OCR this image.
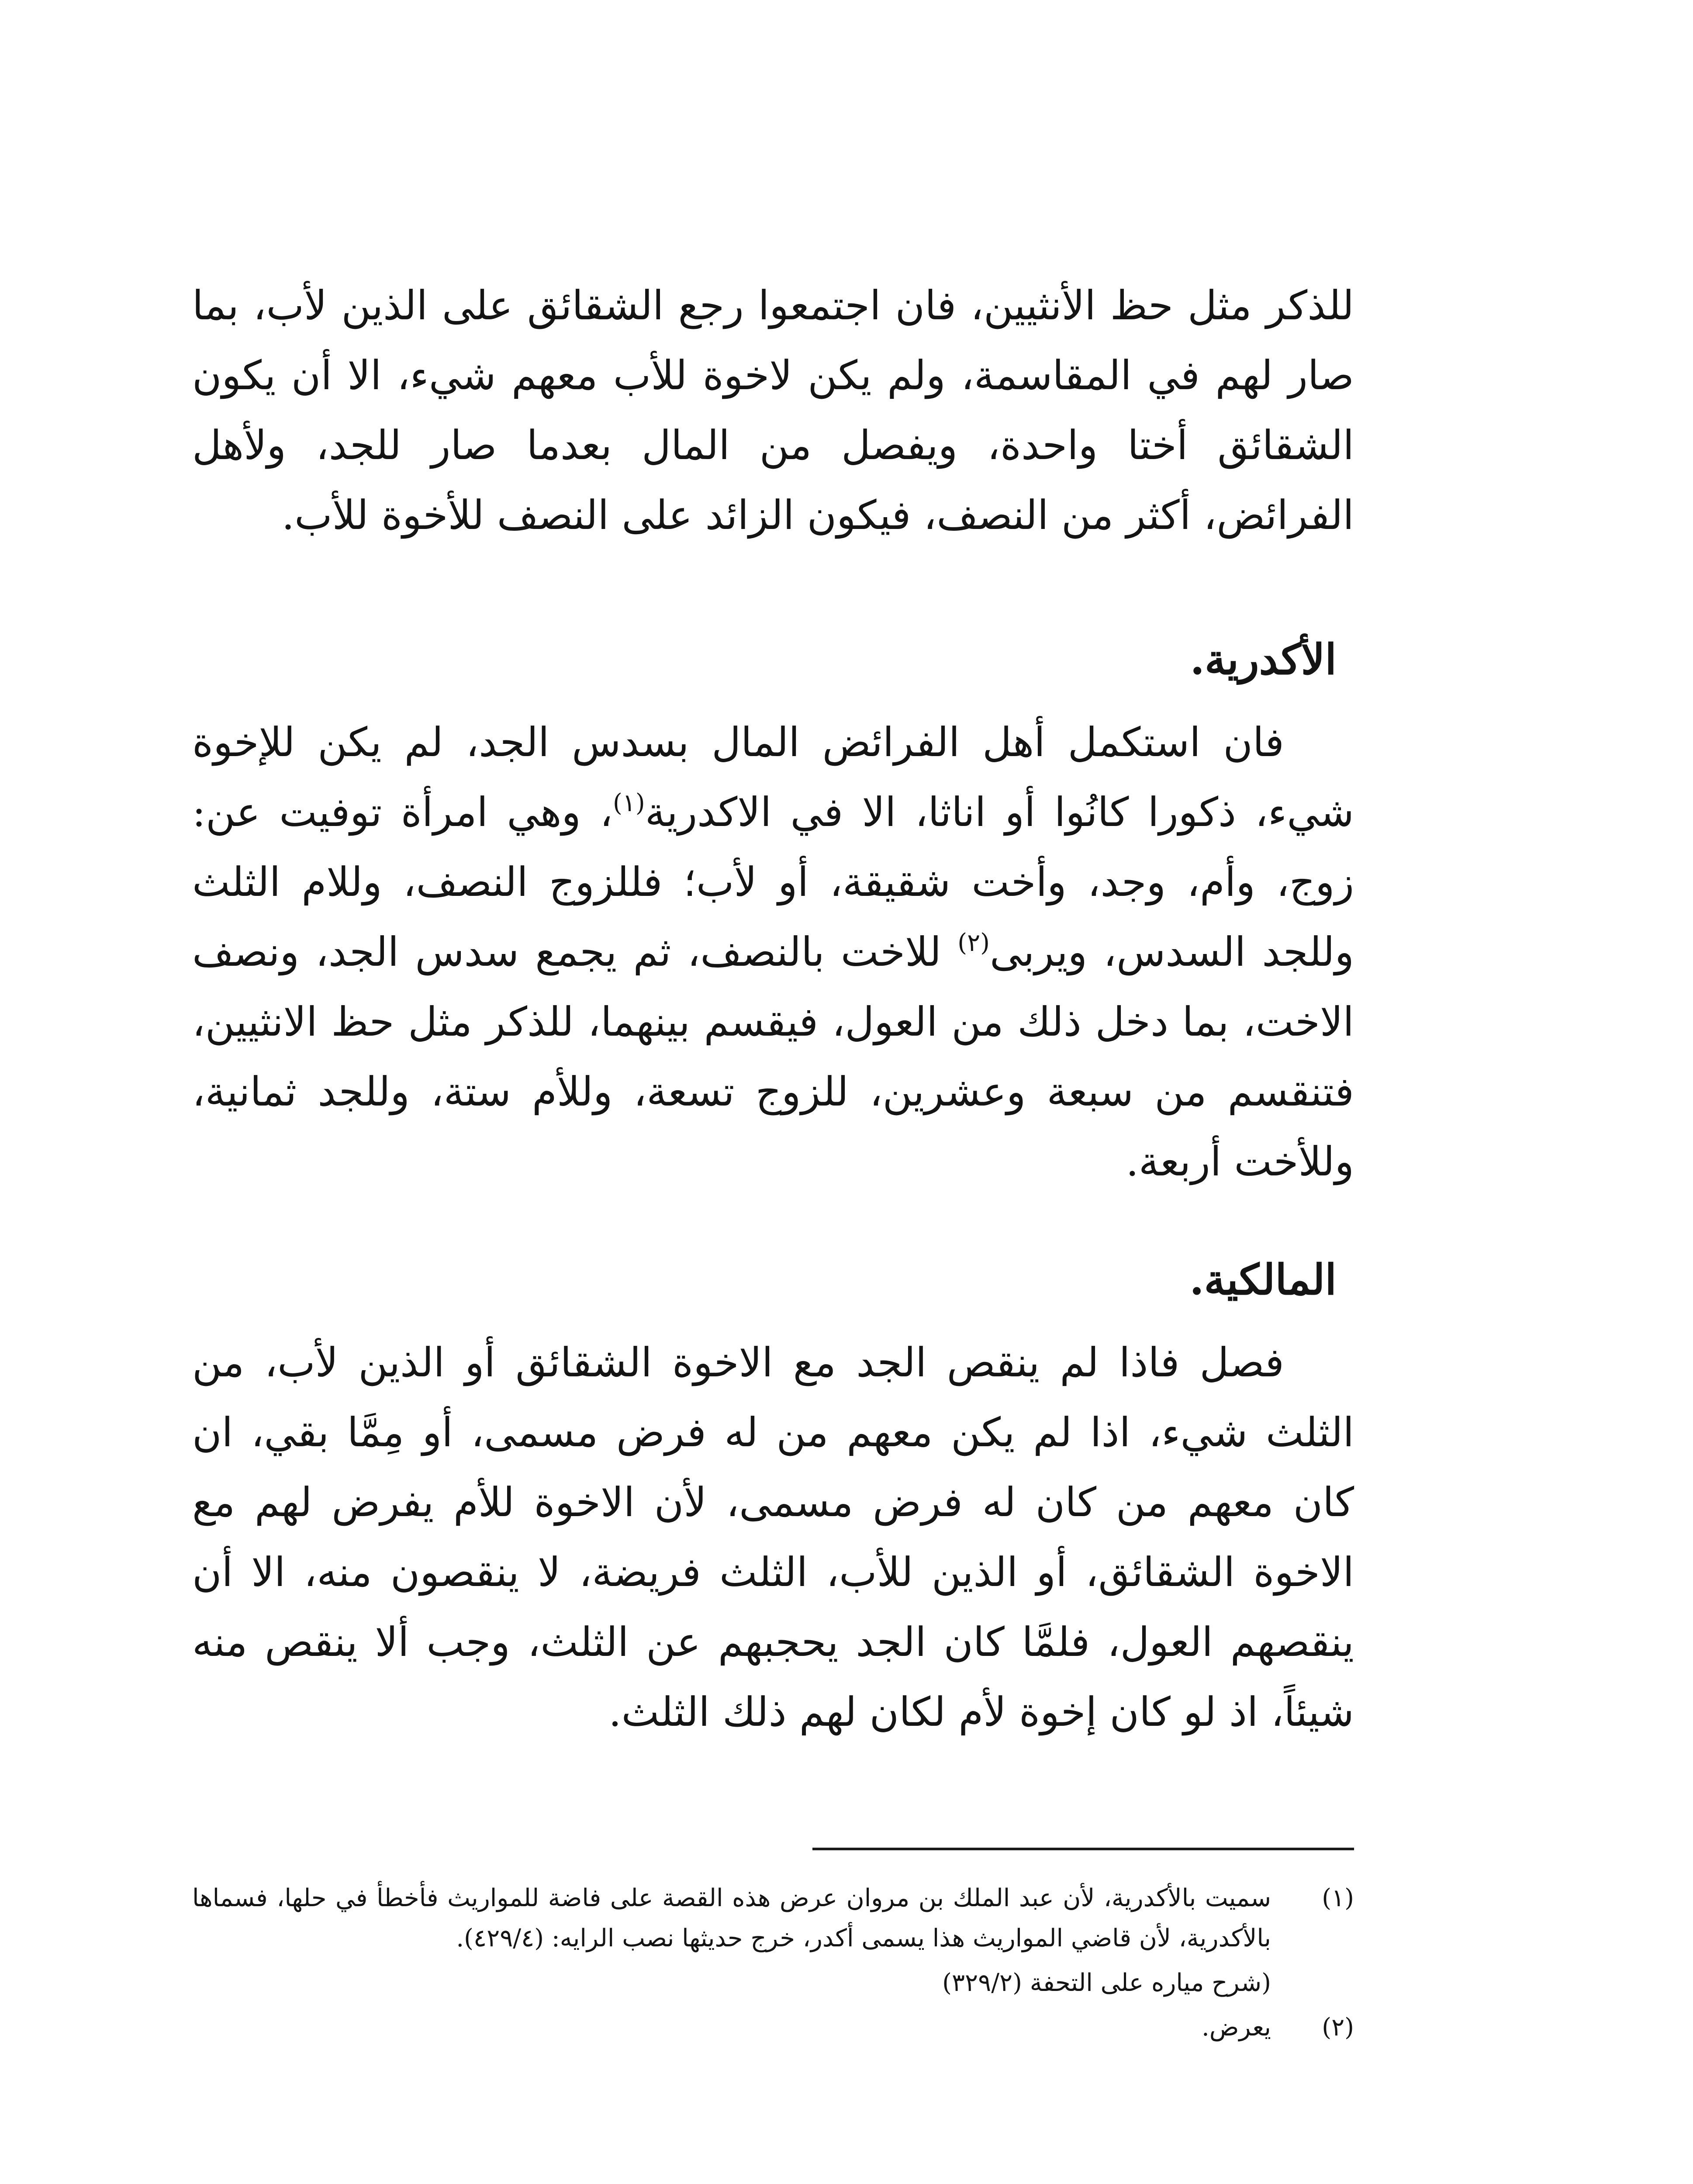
للذكر مثل حظ الأنثيين، فان اجتمعوا رجع الشقائق على الذين لأب، بما صار لهم في المقاسمة، ولم يكن لاخوة للأب معهم شيء، الا أن يكون الشقائق أختا واحدة، ويفصل من المال بعدما صار للجد، ولأهل الفرائض، أكثر من النصف، فيكون الزائد على النصف للأخوة للأب.

الأكدرية.

فان استكمل أهل الفرائض المال بسدس الجد، لم يكن للإخوة شيء، ذكورا كانُوا أو اناثا، الا في الاكدرية$^{(١)}$، وهي امرأة توفيت عن: زوج، وأم، وجد، وأخت شقيقة، أو لأب؛ فللزوج النصف، وللام الثلث وللجد السدس، ويربى$^{(٢)}$ للاخت بالنصف، ثم يجمع سدس الجد، ونصف الاخت، بما دخل ذلك من العول، فيقسم بينهما، للذكر مثل حظ الانثيين، فتنقسم من سبعة وعشرين، للزوج تسعة، وللأم ستة، وللجد ثمانية، وللأخت أربعة.

المالكية.

فصل فاذا لم ينقص الجد مع الاخوة الشقائق أو الذين لأب، من الثلث شيء، اذا لم يكن معهم من له فرض مسمى، أو مِمَّا بقي، ان كان معهم من كان له فرض مسمى، لأن الاخوة للأم يفرض لهم مع الاخوة الشقائق، أو الذين للأب، الثلث فريضة، لا ينقصون منه، الا أن ينقصهم العول، فلمَّا كان الجد يحجبهم عن الثلث، وجب ألا ينقص منه شيئاً، اذ لو كان إخوة لأم لكان لهم ذلك الثلث.

(١)
سميت بالأكدرية، لأن عبد الملك بن مروان عرض هذه القصة على فاضة للمواريث فأخطأ في حلها، فسماها بالأكدرية، لأن قاضي المواريث هذا يسمى أكدر، خرج حديثها نصب الرايه: (٤٢٩/٤).
(شرح مياره على التحفة (٣٢٩/٢)
(٢)
يعرض.
